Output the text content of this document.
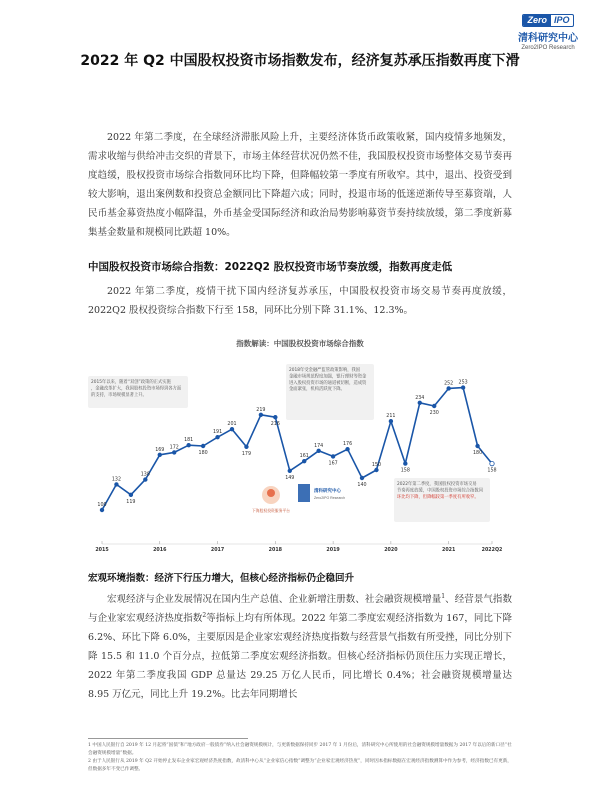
Zero IPO
清科研究中心
Zero2IPO Research
2022 年 Q2 中国股权投资市场指数发布，经济复苏承压指数再度下滑

2022 年第二季度，在全球经济滞胀风险上升，主要经济体货币政策收紧，国内疫情多地频发，需求收缩与供给冲击交织的背景下，市场主体经营状况仍然不佳，我国股权投资市场整体交易节奏再度趋缓，股权投资市场综合指数同环比均下降，但降幅较第一季度有所收窄。其中，退出、投资受到较大影响，退出案例数和投资总金额同比下降超六成；同时，投退市场的低迷逆渐传导至募资端，人民币基金募资热度小幅降温，外币基金受国际经济和政治局势影响募资节奏持续放缓，第二季度新募集基金数量和规模同比跌超 10%。

中国股权投资市场综合指数：2022Q2 股权投资市场节奏放缓，指数再度走低

2022 年第二季度，疫情干扰下国内经济复苏承压，中国股权投资市场交易节奏再度放缓，2022Q2 股权投资综合指数下行至 158，同环比分别下降 31.1%、12.3%。

指数解读：中国股权投资市场综合指数
下海股权投资服务平台
清科研究中心
Zero2IPO Research
2015年以来，随着“双创”政策的正式实施，金融改革扩大，我国股权投资市场得到各方面的支持，市场规模显著上升。
2018年受金融严监管政策影响，我国金融市场规范程度加强，银行理财等资金进入股权投资市场的通道被切断，造成资金面紧张，机构活跃度下降。
2022年第二季度，我国股权投资市场交易节奏再度放缓，中国股权投资市场综合指数同环比均下降，但降幅较第一季度有所收窄。
100
132
119
138
169 172
181
180
191
201
179
219
216
149
161
174
167
176
140
150
211
158
234
230
252 253
180
158
2015	2016	2017	2018	2019	2020	2021	2022Q2
宏观环境指数：经济下行压力增大，但核心经济指标仍企稳回升

宏观经济与企业发展情况在国内生产总值、企业新增注册数、社会融资规模增量$^1$、经营景气指数与企业家宏观经济热度指数$^2$等指标上均有所体现。2022 年第二季度宏观经济指数为 167，同比下降 6.2%、环比下降 6.0%，主要原因是企业家宏观经济热度指数与经营景气指数有所受挫，同比分别下降 15.5 和 11.0 个百分点，拉低第二季度宏观经济指数。但核心经济指标仍顶住压力实现正增长，2022 年第二季度我国 GDP 总量达 29.25 万亿人民币，同比增长 0.4%；社会融资规模增量达 8.95 万亿元，同比上升 19.2%。比去年同期增长

1 中国人民银行自 2019 年 12 月起将“国债”和“地方政府一般债券”纳入社会融资规模统计，与更新数据保持同步 2017 年 1 月份后，清科研究中心所使用的社会融资规模增量数据为 2017 年以后的新口径“社会融资规模增量”数据。
2 由于人民银行从 2019 年 Q2 开始停止发布企业家宏观经济热度指数，故清科中心从“企业家信心指数”调整为“企业家宏观经济热度”，同时因本指标数据在宏观经济指数测算中作为参考，经济指数已有更新，但数据多年不变已作调整。
